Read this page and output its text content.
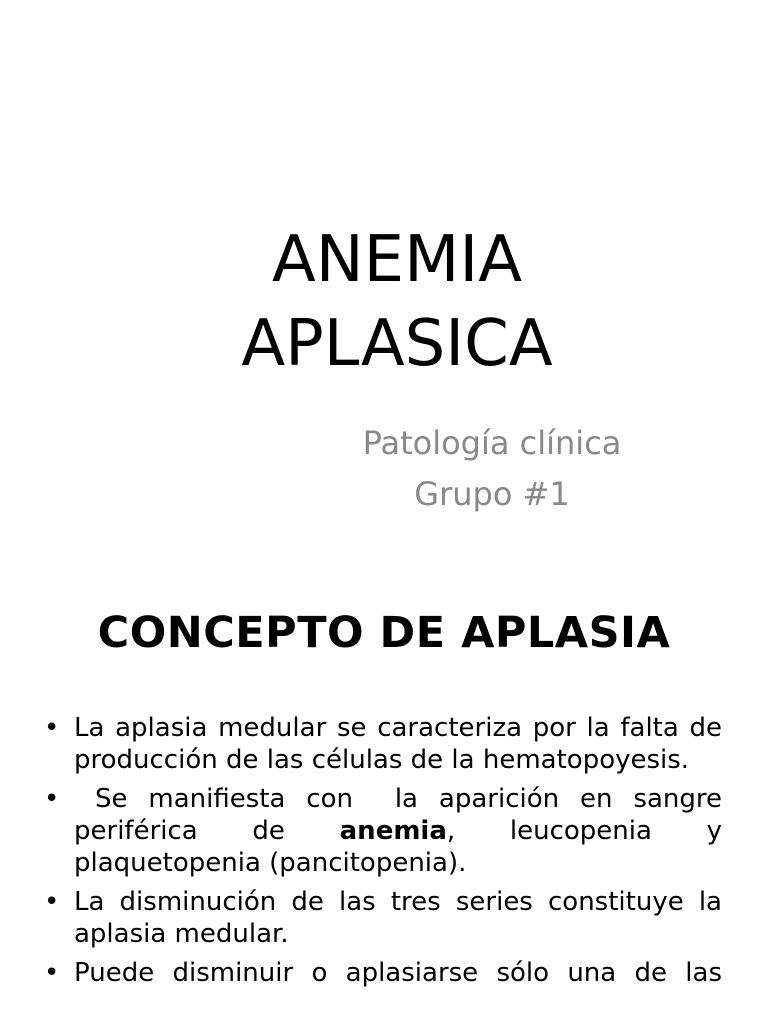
ANEMIA
APLASICA
Patología clínica
Grupo #1
CONCEPTO DE APLASIA
• La aplasia medular se caracteriza por la falta de producción de las células de la hematopoyesis.
• Se manifiesta con  la aparición en sangre periférica de anemia, leucopenia y plaquetopenia (pancitopenia).
• La disminución de las tres series constituye la aplasia medular.
• Puede disminuir o aplasiarse sólo una de las
